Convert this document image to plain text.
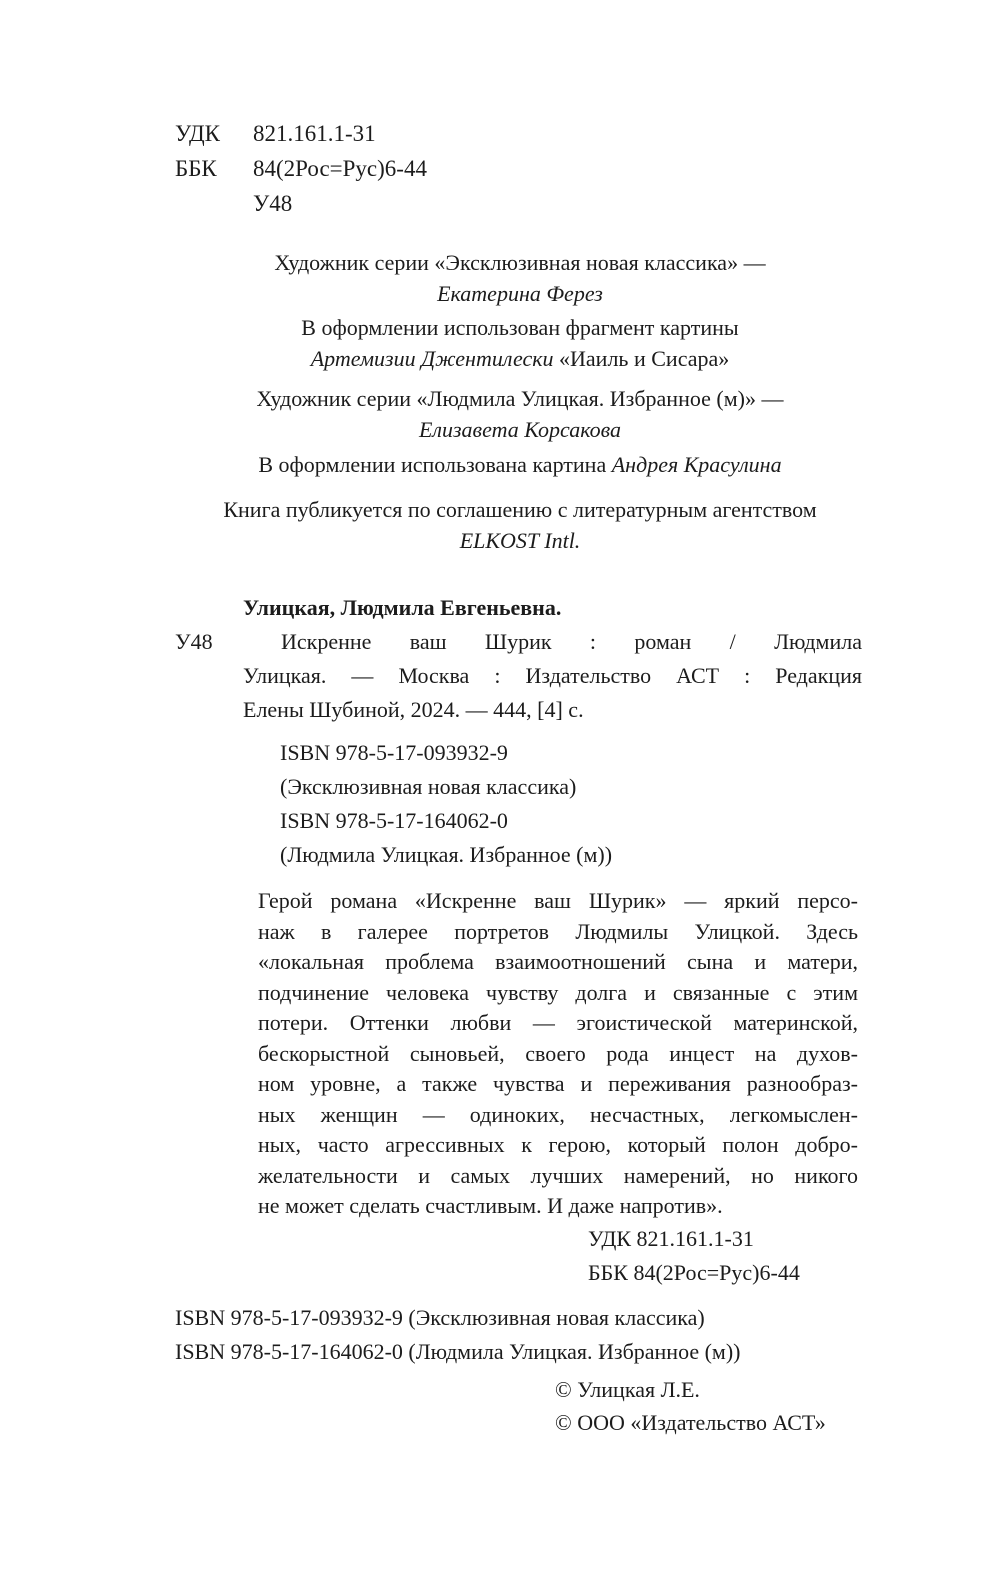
УДК 821.161.1-31
ББК 84(2Рос=Рус)6-44
У48
Художник серии «Эксклюзивная новая классика» —
Екатерина Ферез
В оформлении использован фрагмент картины
Артемизии Джентилески «Иаиль и Сисара»
Художник серии «Людмила Улицкая. Избранное (м)» —
Елизавета Корсакова
В оформлении использована картина Андрея Красулина
Книга публикуется по соглашению с литературным агентством
ELKOST Intl.
Улицкая, Людмила Евгеньевна.
У48	Искренне ваш Шурик : роман / Людмила
Улицкая. — Москва : Издательство АСТ : Редакция
Елены Шубиной, 2024. — 444, [4] с.
ISBN 978-5-17-093932-9
(Эксклюзивная новая классика)
ISBN 978-5-17-164062-0
(Людмила Улицкая. Избранное (м))
Герой романа «Искренне ваш Шурик» — яркий персо-
наж в галерее портретов Людмилы Улицкой. Здесь
«локальная проблема взаимоотношений сына и матери,
подчинение человека чувству долга и связанные с этим
потери. Оттенки любви — эгоистической материнской,
бескорыстной сыновьей, своего рода инцест на духов-
ном уровне, а также чувства и переживания разнообраз-
ных женщин — одиноких, несчастных, легкомыслен-
ных, часто агрессивных к герою, который полон добро-
желательности и самых лучших намерений, но никого
не может сделать счастливым. И даже напротив».
УДК 821.161.1-31
ББК 84(2Рос=Рус)6-44
ISBN 978-5-17-093932-9 (Эксклюзивная новая классика)
ISBN 978-5-17-164062-0 (Людмила Улицкая. Избранное (м))
© Улицкая Л.Е.
© ООО «Издательство АСТ»
